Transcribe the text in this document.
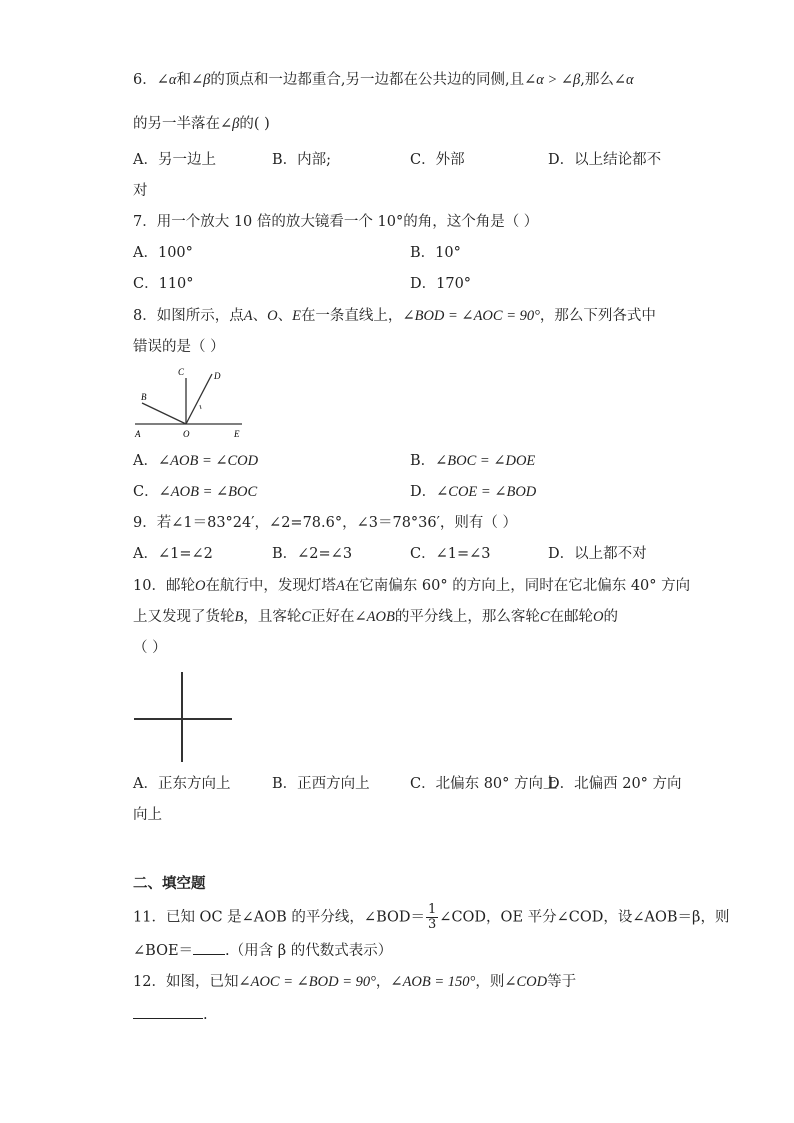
6．∠α和∠β的顶点和一边都重合,另一边都在公共边的同侧,且∠α > ∠β,那么∠α
的另一半落在∠β的( )
A．另一边上	B．内部;	C．外部	D．以上结论都不
对
7．用一个放大 10 倍的放大镜看一个 10°的角，这个角是（ ）
A．100°	B．10°
C．110°	D．170°
8．如图所示，点A、O、E在一条直线上，∠BOD = ∠AOC = 90°，那么下列各式中
错误的是（ ）
C	D
B
A	O	E
A．∠AOB = ∠COD	B．∠BOC = ∠DOE
C．∠AOB = ∠BOC	D．∠COE = ∠BOD
9．若∠1＝83°24′，∠2=78.6°，∠3＝78°36′，则有（ ）
A．∠1=∠2	B．∠2=∠3	C．∠1=∠3	D．以上都不对
10．邮轮O在航行中，发现灯塔A在它南偏东 60° 的方向上，同时在它北偏东 40° 方向
上又发现了货轮B，且客轮C正好在∠AOB的平分线上，那么客轮C在邮轮O的
（ ）
A．正东方向上	B．正西方向上	C．北偏东 80° 方向上
D．北偏西 20° 方向
向上
二、填空题
11．已知 OC 是∠AOB 的平分线，∠BOD＝ $\frac{1}{3}$ ∠COD，OE 平分∠COD，设∠AOB＝β，则
∠BOE＝ .（用含 β 的代数式表示）
12．如图，已知∠AOC = ∠BOD = 90°，∠AOB = 150°，则∠COD等于
.
